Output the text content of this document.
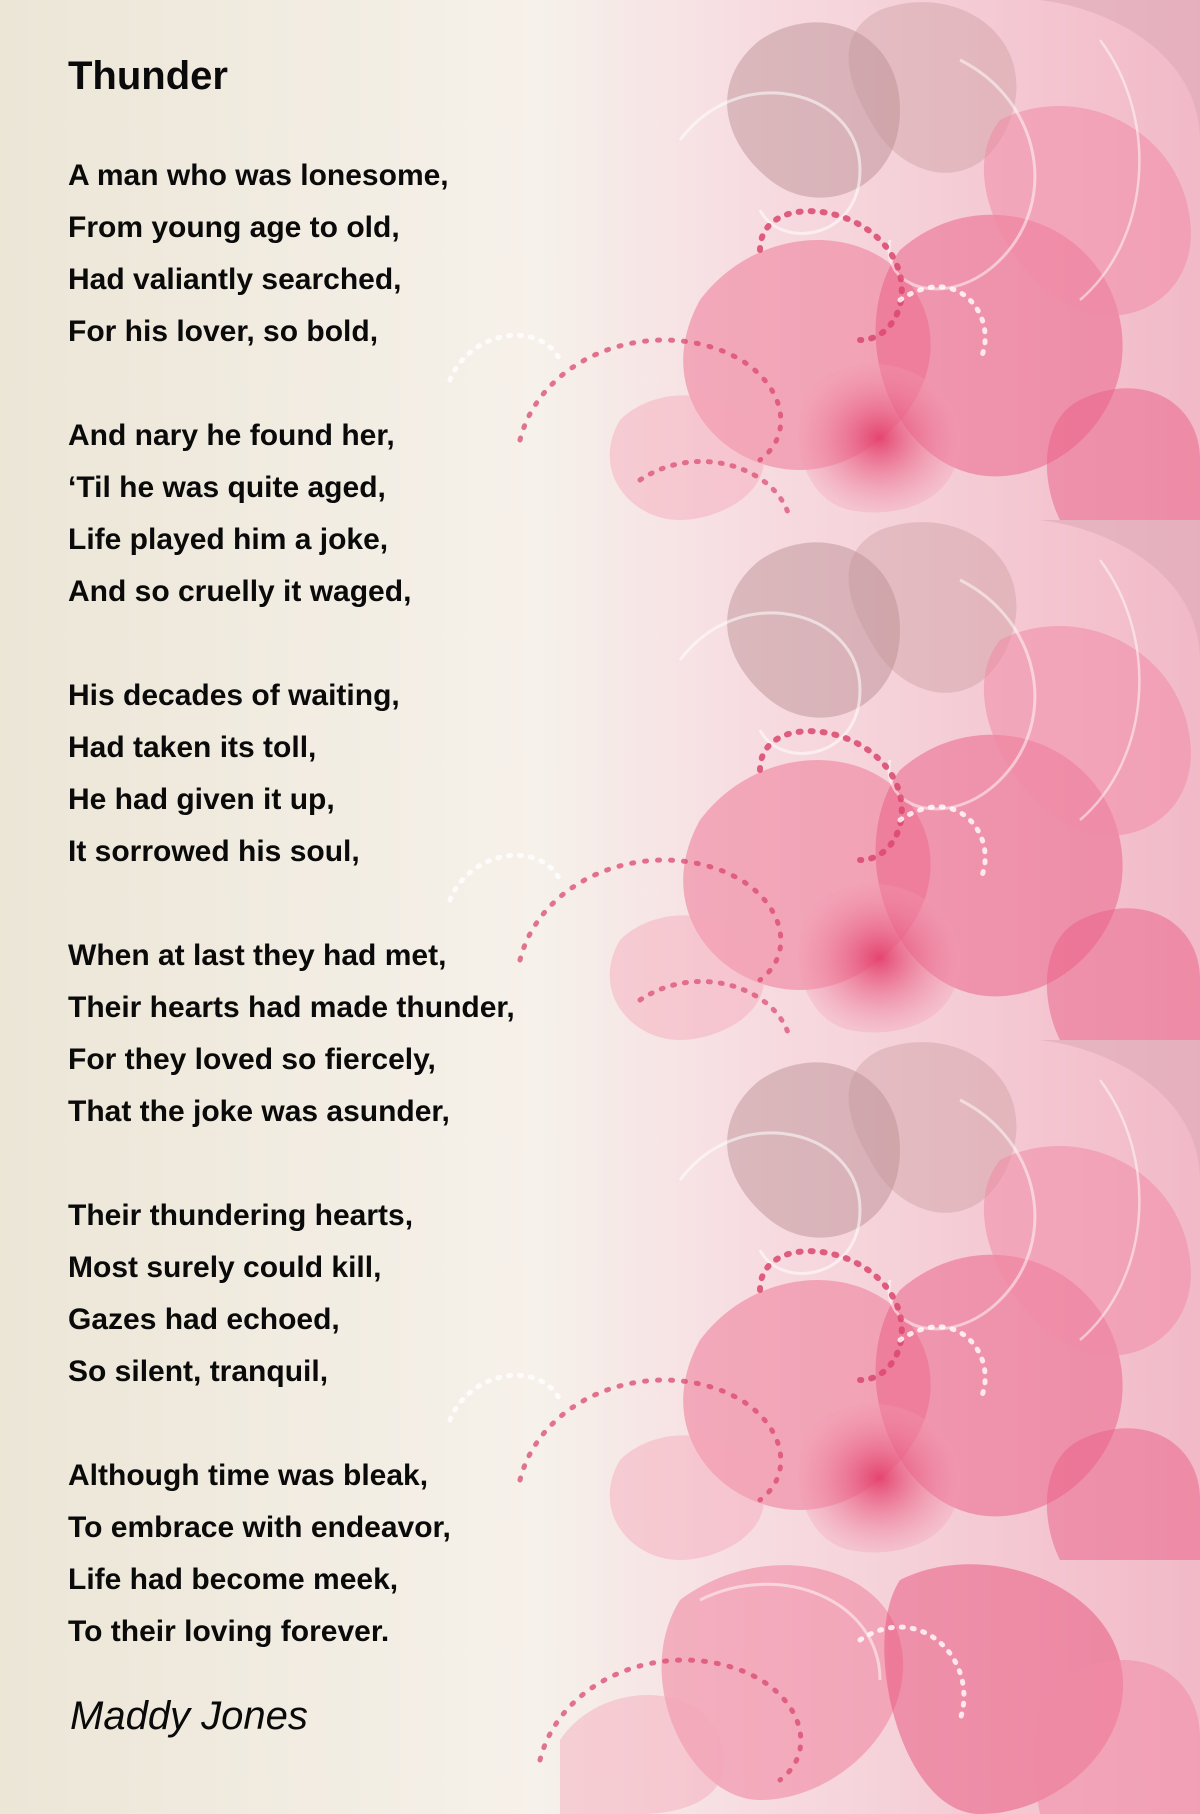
Thunder
A man who was lonesome,
From young age to old,
Had valiantly searched,
For his lover, so bold,
And nary he found her,
‘Til he was quite aged,
Life played him a joke,
And so cruelly it waged,
His decades of waiting,
Had taken its toll,
He had given it up,
It sorrowed his soul,
When at last they had met,
Their hearts had made thunder,
For they loved so fiercely,
That the joke was asunder,
Their thundering hearts,
Most surely could kill,
Gazes had echoed,
So silent, tranquil,
Although time was bleak,
To embrace with endeavor,
Life had become meek,
To their loving forever.
Maddy Jones
